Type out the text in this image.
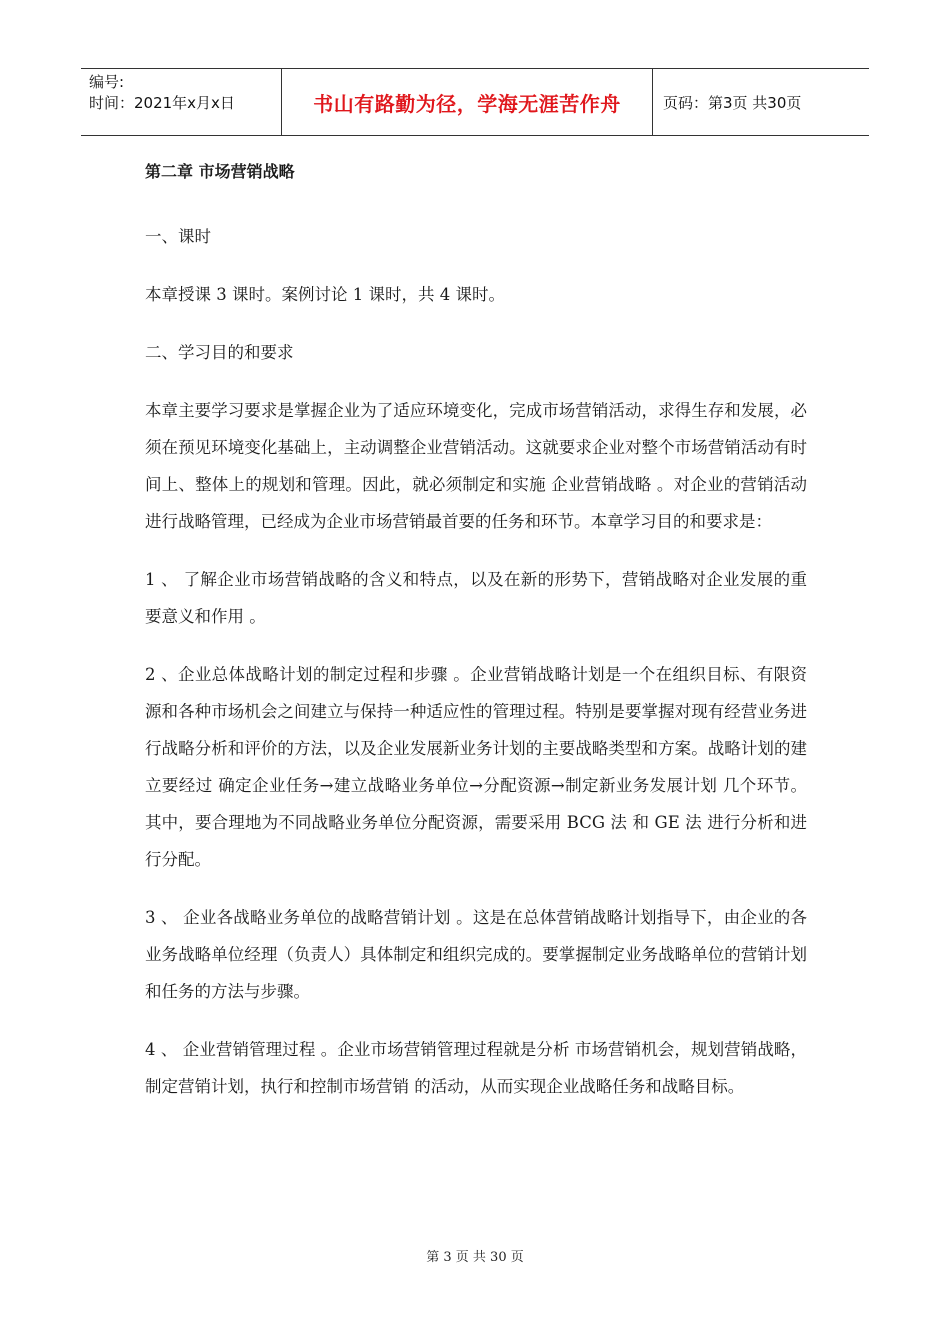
编号:
时间：2021年x月x日	书山有路勤为径，学海无涯苦作舟	页码：第3页 共30页
第二章 市场营销战略

一、课时

本章授课 3 课时。案例讨论 1 课时，共 4 课时。

二、学习目的和要求

本章主要学习要求是掌握企业为了适应环境变化，完成市场营销活动，求得生存和发展，必须在预见环境变化基础上，主动调整企业营销活动。这就要求企业对整个市场营销活动有时间上、整体上的规划和管理。因此，就必须制定和实施 企业营销战略 。对企业的营销活动进行战略管理，已经成为企业市场营销最首要的任务和环节。本章学习目的和要求是：

1 、 了解企业市场营销战略的含义和特点，以及在新的形势下，营销战略对企业发展的重要意义和作用 。

2 、企业总体战略计划的制定过程和步骤 。企业营销战略计划是一个在组织目标、有限资源和各种市场机会之间建立与保持一种适应性的管理过程。特别是要掌握对现有经营业务进行战略分析和评价的方法，以及企业发展新业务计划的主要战略类型和方案。战略计划的建立要经过 确定企业任务→建立战略业务单位→分配资源→制定新业务发展计划 几个环节。其中，要合理地为不同战略业务单位分配资源，需要采用 BCG 法 和 GE 法 进行分析和进行分配。

3 、 企业各战略业务单位的战略营销计划 。这是在总体营销战略计划指导下，由企业的各业务战略单位经理（负责人）具体制定和组织完成的。要掌握制定业务战略单位的营销计划和任务的方法与步骤。

4 、 企业营销管理过程 。企业市场营销管理过程就是分析 市场营销机会，规划营销战略，制定营销计划，执行和控制市场营销 的活动，从而实现企业战略任务和战略目标。

第 3 页 共 30 页
